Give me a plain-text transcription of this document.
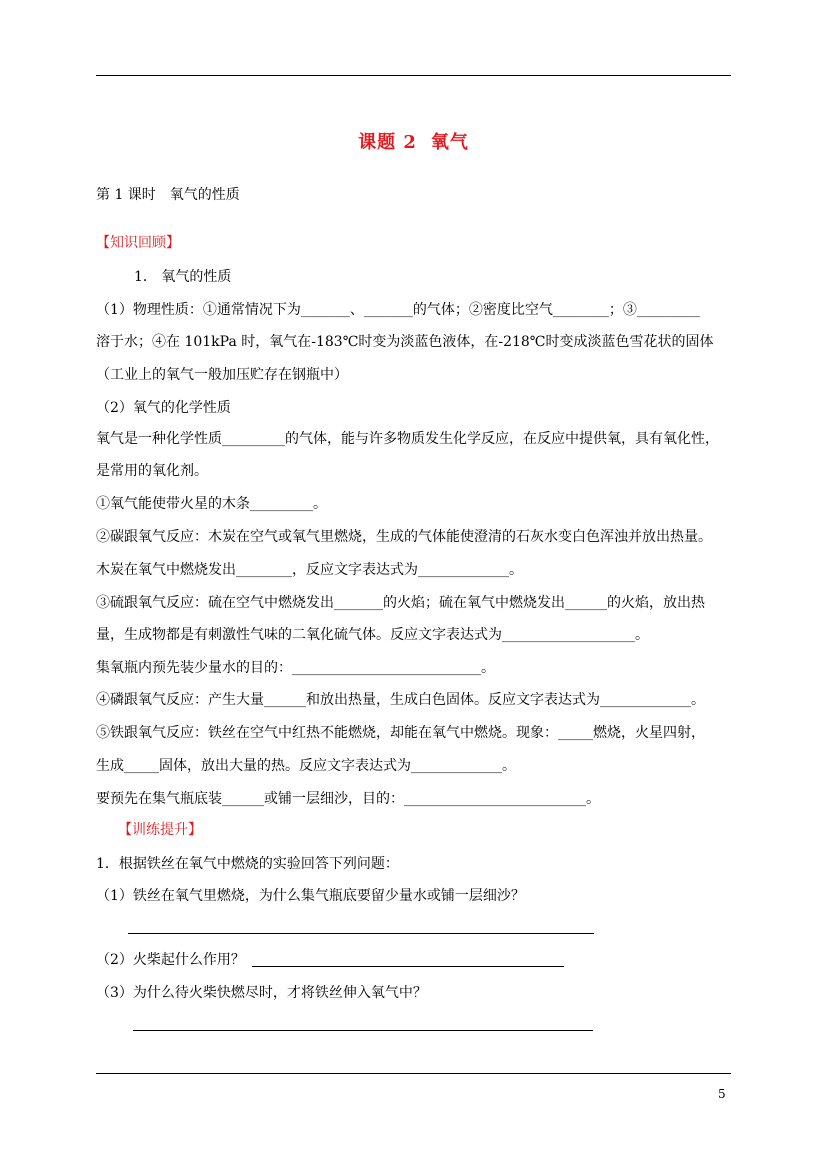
课题 2 氧气
第 1 课时　氧气的性质
【知识回顾】
1． 氧气的性质
（1）物理性质：①通常情况下为_______、_______的气体；②密度比空气________；③_________
溶于水；④在 101kPa 时，氧气在-183℃时变为淡蓝色液体，在-218℃时变成淡蓝色雪花状的固体
（工业上的氧气一般加压贮存在钢瓶中）
（2）氧气的化学性质
氧气是一种化学性质_________的气体，能与许多物质发生化学反应，在反应中提供氧，具有氧化性，
是常用的氧化剂。
①氧气能使带火星的木条_________。
②碳跟氧气反应：木炭在空气或氧气里燃烧，生成的气体能使澄清的石灰水变白色浑浊并放出热量。
木炭在氧气中燃烧发出________，反应文字表达式为_____________。
③硫跟氧气反应：硫在空气中燃烧发出_______的火焰；硫在氧气中燃烧发出______的火焰，放出热
量，生成物都是有刺激性气味的二氧化硫气体。反应文字表达式为___________________。
集氧瓶内预先装少量水的目的：___________________________。
④磷跟氧气反应：产生大量______和放出热量，生成白色固体。反应文字表达式为_____________。
⑤铁跟氧气反应：铁丝在空气中红热不能燃烧，却能在氧气中燃烧。现象：_____燃烧，火星四射，
生成_____固体，放出大量的热。反应文字表达式为_____________。
要预先在集气瓶底装______或铺一层细沙，目的：__________________________。
【训练提升】
1．根据铁丝在氧气中燃烧的实验回答下列问题：
（1）铁丝在氧气里燃烧，为什么集气瓶底要留少量水或铺一层细沙？
（2）火柴起什么作用？
（3）为什么待火柴快燃尽时，才将铁丝伸入氧气中？
5
